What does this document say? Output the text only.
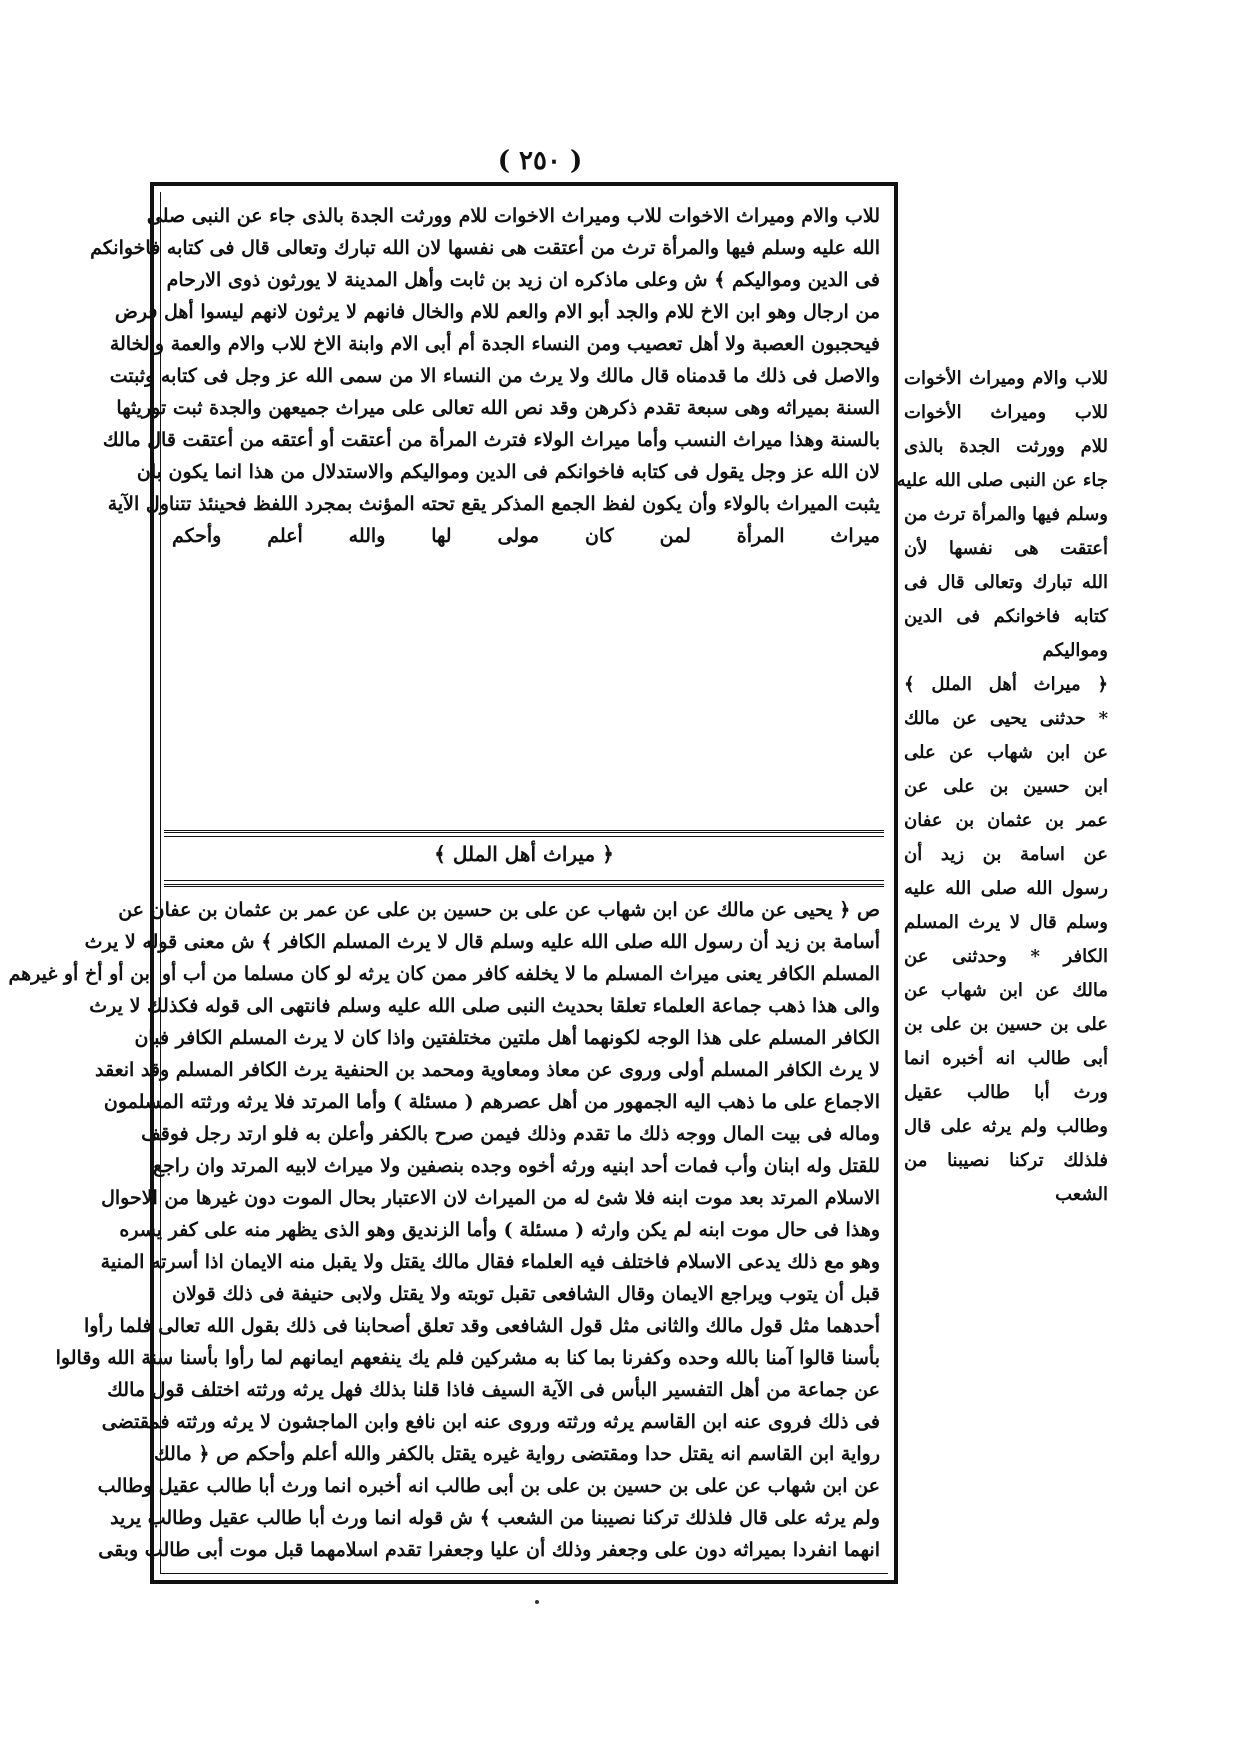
( ٢٥٠ )
للاب والام وميراث الاخوات للاب وميراث الاخوات للام وورثت الجدة بالذى جاء عن النبى صلى
الله عليه وسلم فيها والمرأة ترث من أعتقت هى نفسها لان الله تبارك وتعالى قال فى كتابه فاخوانكم
فى الدين ومواليكم ﴾ ش وعلى ماذكره ان زيد بن ثابت وأهل المدينة لا يورثون ذوى الارحام
من ارجال وهو ابن الاخ للام والجد أبو الام والعم للام والخال فانهم لا يرثون لانهم ليسوا أهل فرض
فيحجبون العصبة ولا أهل تعصيب ومن النساء الجدة أم أبى الام وابنة الاخ للاب والام والعمة والخالة
والاصل فى ذلك ما قدمناه قال مالك ولا يرث من النساء الا من سمى الله عز وجل فى كتابه وثبتت
السنة بميراثه وهى سبعة تقدم ذكرهن وقد نص الله تعالى على ميراث جميعهن والجدة ثبت توريثها
بالسنة وهذا ميراث النسب وأما ميراث الولاء فترث المرأة من أعتقت أو أعتقه من أعتقت قال مالك
لان الله عز وجل يقول فى كتابه فاخوانكم فى الدين ومواليكم والاستدلال من هذا انما يكون بان
يثبت الميراث بالولاء وأن يكون لفظ الجمع المذكر يقع تحته المؤنث بمجرد اللفظ فحينئذ تتناول الآية
ميراث المرأة لمن كان مولى لها والله أعلم وأحكم
﴿ ميراث أهل الملل ﴾
ص ﴿ يحيى عن مالك عن ابن شهاب عن على بن حسين بن على عن عمر بن عثمان بن عفان عن
أسامة بن زيد أن رسول الله صلى الله عليه وسلم قال لا يرث المسلم الكافر ﴾ ش معنى قوله لا يرث
المسلم الكافر يعنى ميراث المسلم ما لا يخلفه كافر ممن كان يرثه لو كان مسلما من أب أو ابن أو أخ أو غيرهم
والى هذا ذهب جماعة العلماء تعلقا بحديث النبى صلى الله عليه وسلم فانتهى الى قوله فكذلك لا يرث
الكافر المسلم على هذا الوجه لكونهما أهل ملتين مختلفتين واذا كان لا يرث المسلم الكافر فبان
لا يرث الكافر المسلم أولى وروى عن معاذ ومعاوية ومحمد بن الحنفية يرث الكافر المسلم وقد انعقد
الاجماع على ما ذهب اليه الجمهور من أهل عصرهم ( مسئلة ) وأما المرتد فلا يرثه ورثته المسلمون
وماله فى بيت المال ووجه ذلك ما تقدم وذلك فيمن صرح بالكفر وأعلن به فلو ارتد رجل فوقف
للقتل وله ابنان وأب فمات أحد ابنيه ورثه أخوه وجده بنصفين ولا ميراث لابيه المرتد وان راجع
الاسلام المرتد بعد موت ابنه فلا شئ له من الميراث لان الاعتبار بحال الموت دون غيرها من الاحوال
وهذا فى حال موت ابنه لم يكن وارثه ( مسئلة ) وأما الزنديق وهو الذى يظهر منه على كفر يسره
وهو مع ذلك يدعى الاسلام فاختلف فيه العلماء فقال مالك يقتل ولا يقبل منه الايمان اذا أسرته المنية
قبل أن يتوب ويراجع الايمان وقال الشافعى تقبل توبته ولا يقتل ولابى حنيفة فى ذلك قولان
أحدهما مثل قول مالك والثانى مثل قول الشافعى وقد تعلق أصحابنا فى ذلك بقول الله تعالى فلما رأوا
بأسنا قالوا آمنا بالله وحده وكفرنا بما كنا به مشركين فلم يك ينفعهم ايمانهم لما رأوا بأسنا سنة الله وقالوا
عن جماعة من أهل التفسير البأس فى الآية السيف فاذا قلنا بذلك فهل يرثه ورثته اختلف قول مالك
فى ذلك فروى عنه ابن القاسم يرثه ورثته وروى عنه ابن نافع وابن الماجشون لا يرثه ورثته فمقتضى
رواية ابن القاسم انه يقتل حدا ومقتضى رواية غيره يقتل بالكفر والله أعلم وأحكم ص ﴿ مالك
عن ابن شهاب عن على بن حسين بن على بن أبى طالب انه أخبره انما ورث أبا طالب عقيل وطالب
ولم يرثه على قال فلذلك تركنا نصيبنا من الشعب ﴾ ش قوله انما ورث أبا طالب عقيل وطالب يريد
انهما انفردا بميراثه دون على وجعفر وذلك أن عليا وجعفرا تقدم اسلامهما قبل موت أبى طالب وبقى
للاب والام وميراث الأخوات
للاب وميراث الأخوات
للام وورثت الجدة بالذى
جاء عن النبى صلى الله عليه
وسلم فيها والمرأة ترث من
أعتقت هى نفسها لأن
الله تبارك وتعالى قال فى
كتابه فاخوانكم فى الدين
ومواليكم
﴿ ميراث أهل الملل ﴾
* حدثنى يحيى عن مالك
عن ابن شهاب عن على
ابن حسين بن على عن
عمر بن عثمان بن عفان
عن اسامة بن زيد أن
رسول الله صلى الله عليه
وسلم قال لا يرث المسلم
الكافر * وحدثنى عن
مالك عن ابن شهاب عن
على بن حسين بن على بن
أبى طالب انه أخبره انما
ورث أبا طالب عقيل
وطالب ولم يرثه على قال
فلذلك تركنا نصيبنا من
الشعب
